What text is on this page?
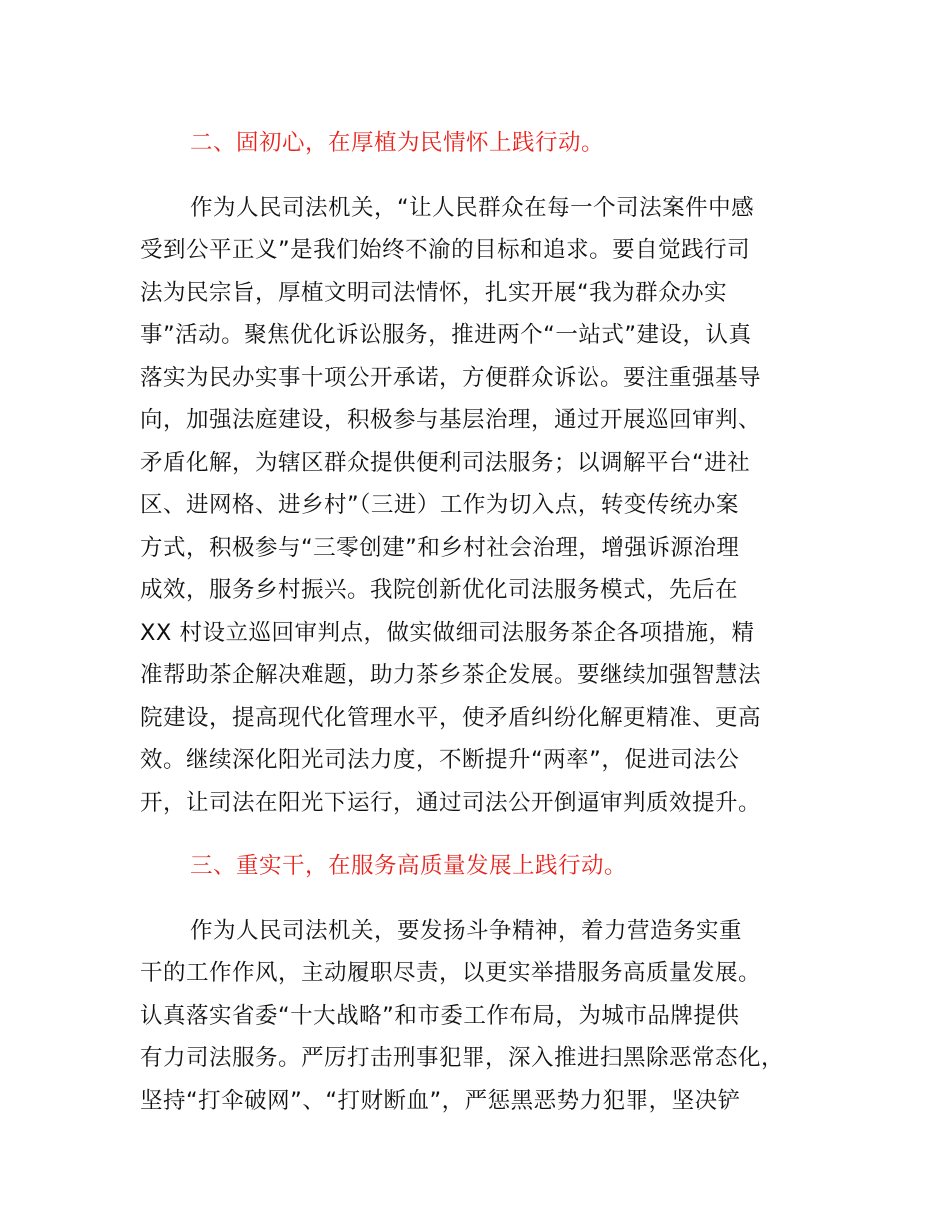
二、固初心，在厚植为民情怀上践行动。
作为人民司法机关，“让人民群众在每一个司法案件中感
受到公平正义”是我们始终不渝的目标和追求。要自觉践行司
法为民宗旨，厚植文明司法情怀，扎实开展“我为群众办实
事”活动。聚焦优化诉讼服务，推进两个“一站式”建设，认真
落实为民办实事十项公开承诺，方便群众诉讼。要注重强基导
向，加强法庭建设，积极参与基层治理，通过开展巡回审判、
矛盾化解，为辖区群众提供便利司法服务；以调解平台“进社
区、进网格、进乡村”（三进）工作为切入点，转变传统办案
方式，积极参与“三零创建”和乡村社会治理，增强诉源治理
成效，服务乡村振兴。我院创新优化司法服务模式，先后在
XX 村设立巡回审判点，做实做细司法服务茶企各项措施，精
准帮助茶企解决难题，助力茶乡茶企发展。要继续加强智慧法
院建设，提高现代化管理水平，使矛盾纠纷化解更精准、更高
效。继续深化阳光司法力度，不断提升“两率”，促进司法公
开，让司法在阳光下运行，通过司法公开倒逼审判质效提升。
三、重实干，在服务高质量发展上践行动。
作为人民司法机关，要发扬斗争精神，着力营造务实重
干的工作作风，主动履职尽责，以更实举措服务高质量发展。
认真落实省委“十大战略”和市委工作布局，为城市品牌提供
有力司法服务。严厉打击刑事犯罪，深入推进扫黑除恶常态化，
坚持“打伞破网”、“打财断血”，严惩黑恶势力犯罪，坚决铲
